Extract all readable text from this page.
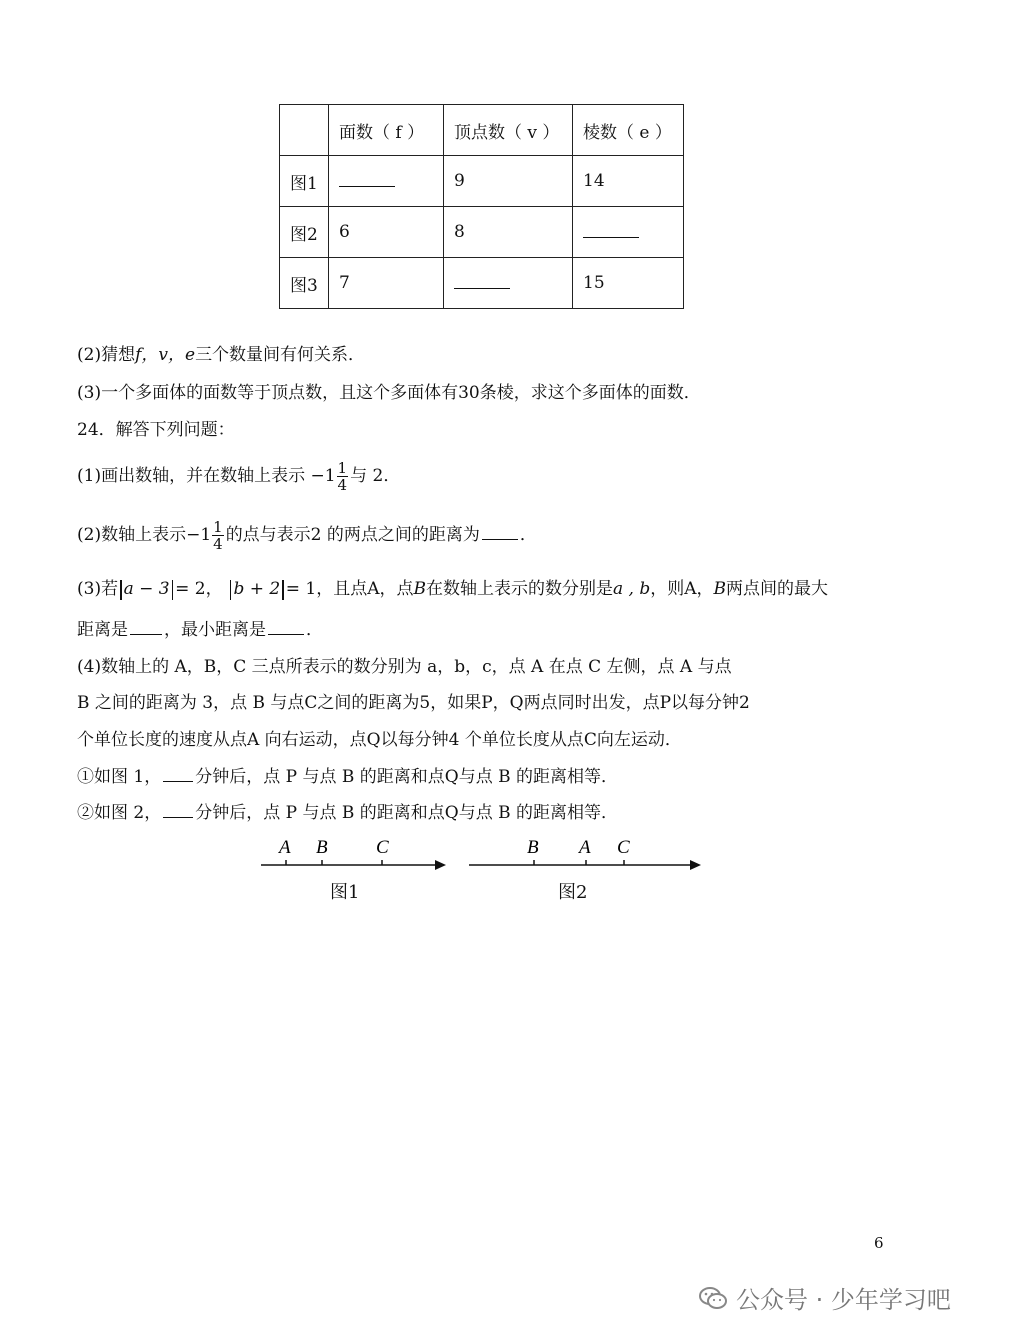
	面数（ f ）	顶点数（ v ）	棱数（ e ）
图1		9	14
图2	6	8	
图3	7		15
(2)猜想f，v，e三个数量间有何关系．
(3)一个多面体的面数等于顶点数，且这个多面体有30条棱，求这个多面体的面数．
24．解答下列问题：
(1)画出数轴，并在数轴上表示 $-1 \frac{1}{4}$ 与 2．
(2)数轴上表示$-1 \frac{1}{4}$ 的点与表示2 的两点之间的距离为 ．
(3)若 a − 3 = 2， b + 2 = 1，且点A，点B在数轴上表示的数分别是a , b，则A，B两点间的最大
距离是 ，最小距离是 ．
(4)数轴上的 A，B，C 三点所表示的数分别为 a，b，c，点 A 在点 C 左侧，点 A 与点
B 之间的距离为 3，点 B 与点C之间的距离为5，如果P，Q两点同时出发，点P以每分钟2
个单位长度的速度从点A 向右运动，点Q以每分钟4 个单位长度从点C向左运动．
①如图 1， 分钟后，点 P 与点 B 的距离和点Q与点 B 的距离相等．
②如图 2， 分钟后，点 P 与点 B 的距离和点Q与点 B 的距离相等．
A B	C
图1
B A C
图2
6
公众号 · 少年学习吧
